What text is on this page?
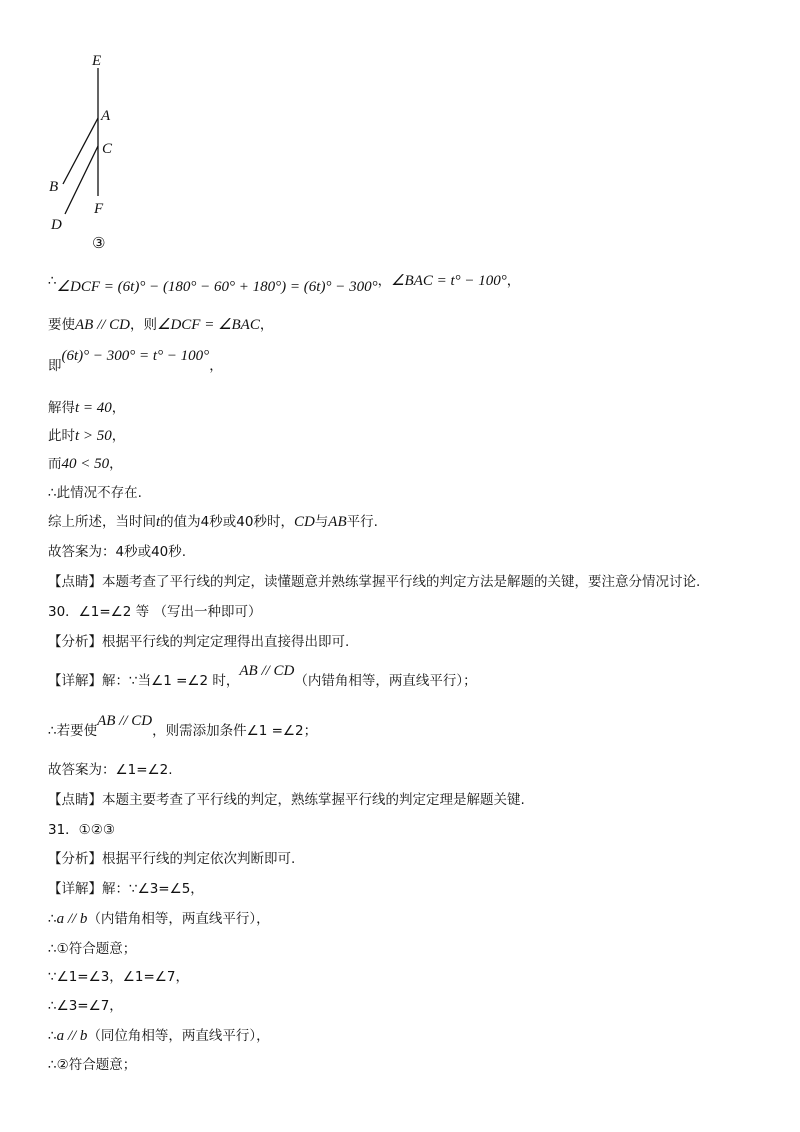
E
A
C
B
D
F
③
∴∠DCF = (6t)° − (180° − 60° + 180°) = (6t)° − 300°，∠BAC = t° − 100°，
要使AB // CD，则∠DCF = ∠BAC，
即(6t)° − 300° = t° − 100°，
解得t = 40，
此时t > 50，
而40 < 50，
∴此情况不存在.
综上所述，当时间t的值为4秒或40秒时，CD与AB平行.
故答案为：4秒或40秒.
【点睛】本题考查了平行线的判定，读懂题意并熟练掌握平行线的判定方法是解题的关键，要注意分情况讨论.
30．∠1=∠2 等 （写出一种即可）
【分析】根据平行线的判定定理得出直接得出即可.
【详解】解：∵当∠1 =∠2 时，AB // CD（内错角相等，两直线平行）；
∴若要使AB // CD，则需添加条件∠1 =∠2；
故答案为：∠1=∠2.
【点睛】本题主要考查了平行线的判定，熟练掌握平行线的判定定理是解题关键.
31．①②③
【分析】根据平行线的判定依次判断即可.
【详解】解：∵∠3=∠5，
∴a // b（内错角相等，两直线平行），
∴①符合题意；
∵∠1=∠3，∠1=∠7，
∴∠3=∠7，
∴a // b（同位角相等，两直线平行），
∴②符合题意；
